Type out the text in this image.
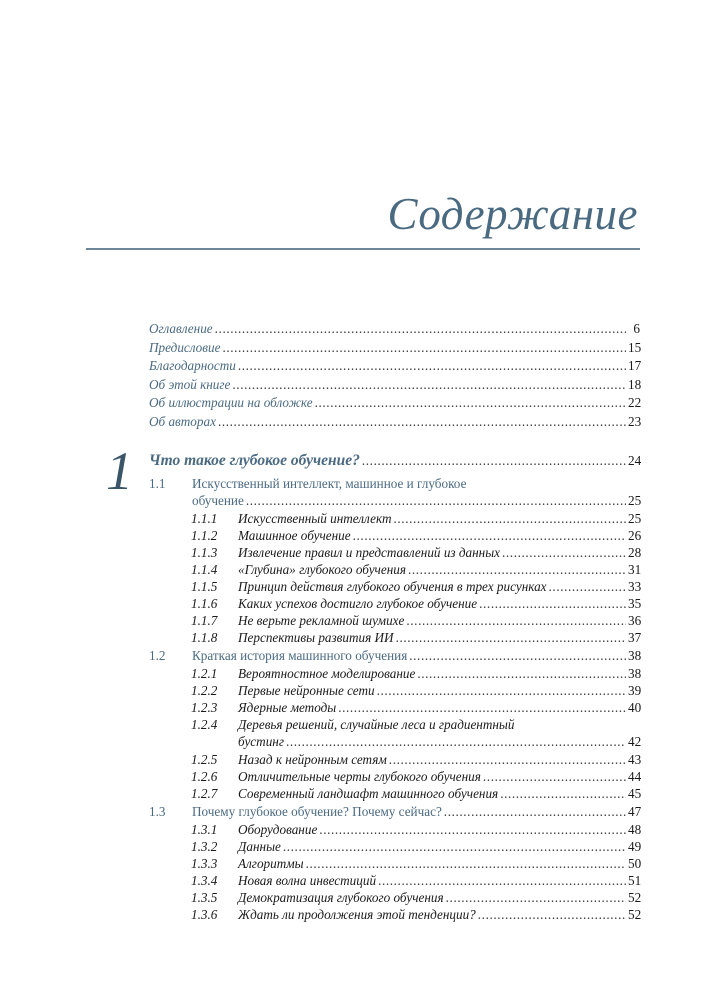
Содержание
Оглавление .....	6
Предисловие .....	15
Благодарности .....	17
Об этой книге .....	18
Об иллюстрации на обложке .....	22
Об авторах .....	23
1 Что такое глубокое обучение? .....	24
1.1 Искусственный интеллект, машинное и глубокое
обучение .....	25
1.1.1 Искусственный интеллект .....	25
1.1.2 Машинное обучение .....	26
1.1.3 Извлечение правил и представлений из данных .....	28
1.1.4 «Глубина» глубокого обучения .....	31
1.1.5 Принцип действия глубокого обучения в трех рисунках .....	33
1.1.6 Каких успехов достигло глубокое обучение .....	35
1.1.7 Не верьте рекламной шумихе .....	36
1.1.8 Перспективы развития ИИ .....	37
1.2 Краткая история машинного обучения .....	38
1.2.1 Вероятностное моделирование .....	38
1.2.2 Первые нейронные сети .....	39
1.2.3 Ядерные методы .....	40
1.2.4 Деревья решений, случайные леса и градиентный
бустинг .....	42
1.2.5 Назад к нейронным сетям .....	43
1.2.6 Отличительные черты глубокого обучения .....	44
1.2.7 Современный ландшафт машинного обучения .....	45
1.3 Почему глубокое обучение? Почему сейчас? .....	47
1.3.1 Оборудование .....	48
1.3.2 Данные .....	49
1.3.3 Алгоритмы .....	50
1.3.4 Новая волна инвестиций .....	51
1.3.5 Демократизация глубокого обучения .....	52
1.3.6 Ждать ли продолжения этой тенденции? .....	52
